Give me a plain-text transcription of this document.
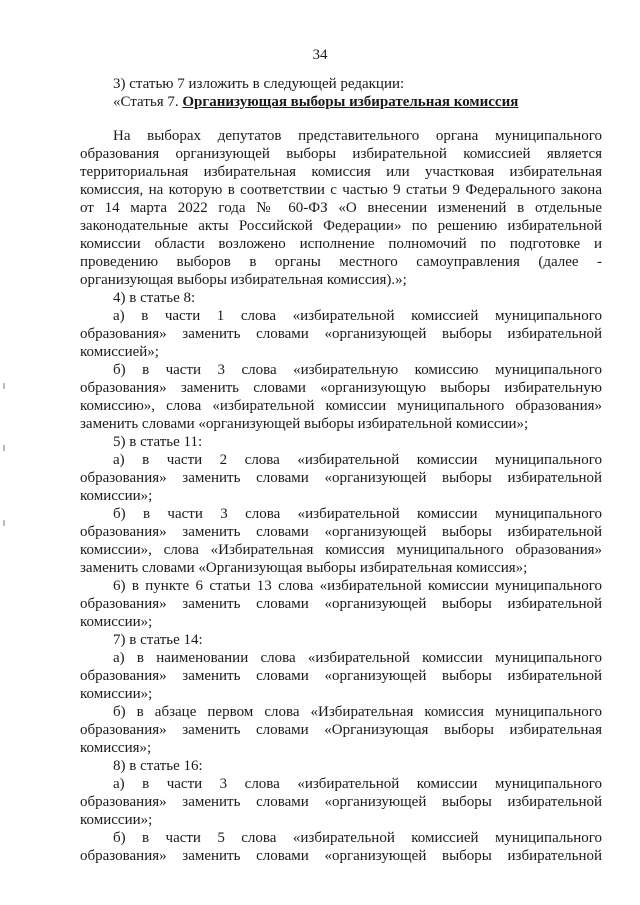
34
3) статью 7 изложить в следующей редакции:
«Статья 7. Организующая выборы избирательная комиссия
На выборах депутатов представительного органа муниципального
образования организующей выборы избирательной комиссией является
территориальная избирательная комиссия или участковая избирательная
комиссия, на которую в соответствии с частью 9 статьи 9 Федерального закона
от 14 марта 2022 года № 60-ФЗ «О внесении изменений в отдельные
законодательные акты Российской Федерации» по решению избирательной
комиссии области возложено исполнение полномочий по подготовке и
проведению выборов в органы местного самоуправления (далее -
организующая выборы избирательная комиссия).»;
4) в статье 8:
а) в части 1 слова «избирательной комиссией муниципального
образования» заменить словами «организующей выборы избирательной
комиссией»;
б) в части 3 слова «избирательную комиссию муниципального
образования» заменить словами «организующую выборы избирательную
комиссию», слова «избирательной комиссии муниципального образования»
заменить словами «организующей выборы избирательной комиссии»;
5) в статье 11:
а) в части 2 слова «избирательной комиссии муниципального
образования» заменить словами «организующей выборы избирательной
комиссии»;
б) в части 3 слова «избирательной комиссии муниципального
образования» заменить словами «организующей выборы избирательной
комиссии», слова «Избирательная комиссия муниципального образования»
заменить словами «Организующая выборы избирательная комиссия»;
6) в пункте 6 статьи 13 слова «избирательной комиссии муниципального
образования» заменить словами «организующей выборы избирательной
комиссии»;
7) в статье 14:
а) в наименовании слова «избирательной комиссии муниципального
образования» заменить словами «организующей выборы избирательной
комиссии»;
б) в абзаце первом слова «Избирательная комиссия муниципального
образования» заменить словами «Организующая выборы избирательная
комиссия»;
8) в статье 16:
а) в части 3 слова «избирательной комиссии муниципального
образования» заменить словами «организующей выборы избирательной
комиссии»;
б) в части 5 слова «избирательной комиссией муниципального
образования» заменить словами «организующей выборы избирательной
